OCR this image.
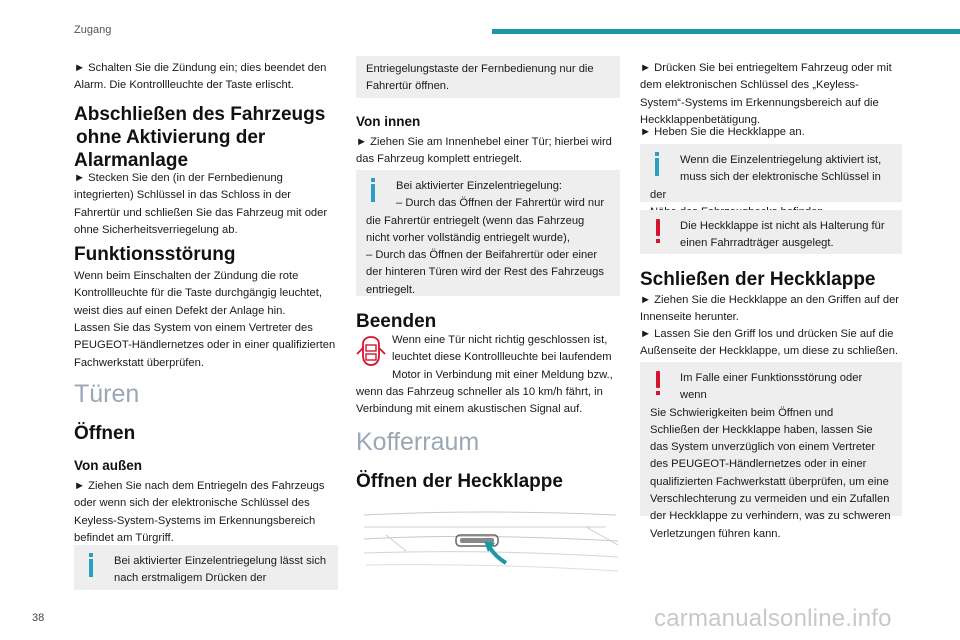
Zugang
38	carmanualsonline.info
► Schalten Sie die Zündung ein; dies beendet den Alarm. Die Kontrollleuchte der Taste erlischt.
Abschließen des Fahrzeugs
ohne Aktivierung der
Alarmanlage
► Stecken Sie den (in der Fernbedienung integrierten) Schlüssel in das Schloss in der Fahrertür und schließen Sie das Fahrzeug mit oder ohne Sicherheitsverriegelung ab.
Funktionsstörung
Wenn beim Einschalten der Zündung die rote Kontrollleuchte für die Taste durchgängig leuchtet, weist dies auf einen Defekt der Anlage hin.
Lassen Sie das System von einem Vertreter des PEUGEOT-Händlernetzes oder in einer qualifizierten Fachwerkstatt überprüfen.
Türen
Öffnen
Von außen
► Ziehen Sie nach dem Entriegeln des Fahrzeugs oder wenn sich der elektronische Schlüssel des Keyless-System-Systems im Erkennungsbereich befindet am Türgriff.
Bei aktivierter Einzelentriegelung lässt sich
nach erstmaligem Drücken der
Entriegelungstaste der Fernbedienung nur die Fahrertür öffnen.
Von innen
► Ziehen Sie am Innenhebel einer Tür; hierbei wird das Fahrzeug komplett entriegelt.
Bei aktivierter Einzelentriegelung:
– Durch das Öffnen der Fahrertür wird nur
die Fahrertür entriegelt (wenn das Fahrzeug nicht vorher vollständig entriegelt wurde),
– Durch das Öffnen der Beifahrertür oder einer der hinteren Türen wird der Rest des Fahrzeugs entriegelt.
Beenden
Wenn eine Tür nicht richtig geschlossen ist,
leuchtet diese Kontrollleuchte bei laufendem
Motor in Verbindung mit einer Meldung bzw., wenn das Fahrzeug schneller als 10 km/h fährt, in Verbindung mit einem akustischen Signal auf.
Kofferraum
Öffnen der Heckklappe
► Drücken Sie bei entriegeltem Fahrzeug oder mit dem elektronischen Schlüssel des „Keyless-System“-Systems im Erkennungsbereich auf die Heckklappenbetätigung.
► Heben Sie die Heckklappe an.
Wenn die Einzelentriegelung aktiviert ist,
muss sich der elektronische Schlüssel in der
Die Heckklappe ist nicht als Halterung für
einen Fahrradträger ausgelegt.
Schließen der Heckklappe
► Ziehen Sie die Heckklappe an den Griffen auf der Innenseite herunter.
► Lassen Sie den Griff los und drücken Sie auf die Außenseite der Heckklappe, um diese zu schließen.
Im Falle einer Funktionsstörung oder wenn
Sie Schwierigkeiten beim Öffnen und
Schließen der Heckklappe haben, lassen Sie das System unverzüglich von einem Vertreter des PEUGEOT-Händlernetzes oder in einer qualifizierten Fachwerkstatt überprüfen, um eine Verschlechterung zu vermeiden und ein Zufallen der Heckklappe zu verhindern, was zu schweren Verletzungen führen kann.
